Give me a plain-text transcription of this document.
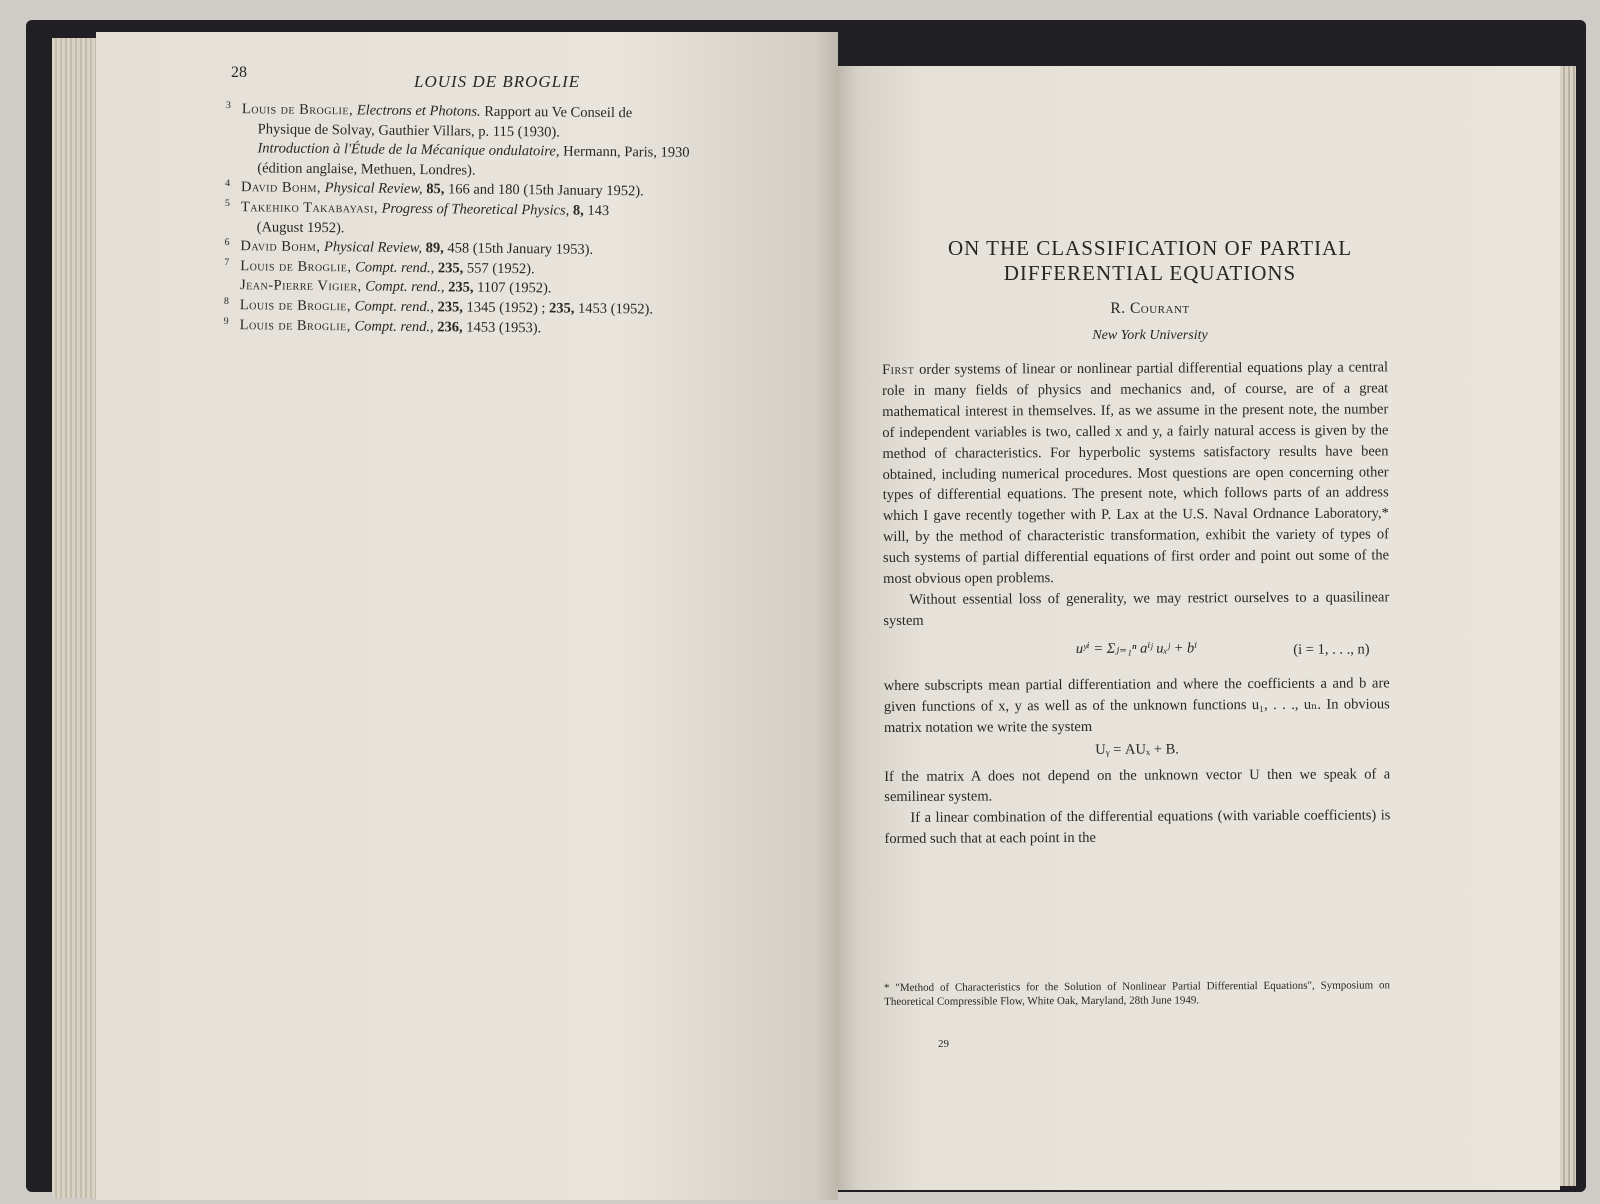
28	LOUIS DE BROGLIE
3 Louis de Broglie, Electrons et Photons. Rapport au Ve Conseil de
Physique de Solvay, Gauthier Villars, p. 115 (1930).
Introduction à l'Étude de la Mécanique ondulatoire, Hermann, Paris, 1930
(édition anglaise, Methuen, Londres).
4 David Bohm, Physical Review, 85, 166 and 180 (15th January 1952).
5 Takehiko Takabayasi, Progress of Theoretical Physics, 8, 143
(August 1952).
6 David Bohm, Physical Review, 89, 458 (15th January 1953).
7 Louis de Broglie, Compt. rend., 235, 557 (1952).
Jean-Pierre Vigier, Compt. rend., 235, 1107 (1952).
8 Louis de Broglie, Compt. rend., 235, 1345 (1952) ; 235, 1453 (1952).
9 Louis de Broglie, Compt. rend., 236, 1453 (1953).
ON THE CLASSIFICATION OF PARTIAL
DIFFERENTIAL EQUATIONS
R. Courant
New York University

First order systems of linear or nonlinear partial differential equations play a central role in many fields of physics and mechanics and, of course, are of a great mathematical interest in themselves. If, as we assume in the present note, the number of independent variables is two, called x and y, a fairly natural access is given by the method of characteristics. For hyperbolic systems satisfactory results have been obtained, including numerical procedures. Most questions are open concerning other types of differential equations. The present note, which follows parts of an address which I gave recently together with P. Lax at the U.S. Naval Ordnance Laboratory,* will, by the method of characteristic transformation, exhibit the variety of types of such systems of partial differential equations of first order and point out some of the most obvious open problems.

Without essential loss of generality, we may restrict ourselves to a quasilinear system

uʸⁱ = Σⱼ₌₁ⁿ aⁱʲ uₓʲ + bⁱ	(i = 1, . . ., n)

where subscripts mean partial differentiation and where the coefficients a and b are given functions of x, y as well as of the unknown functions u₁, . . ., uₙ. In obvious matrix notation we write the system

Uᵧ = AUₓ + B.

If the matrix A does not depend on the unknown vector U then we speak of a semilinear system.

If a linear combination of the differential equations (with variable coefficients) is formed such that at each point in the

* "Method of Characteristics for the Solution of Nonlinear Partial Differential Equations", Symposium on Theoretical Compressible Flow, White Oak, Maryland, 28th June 1949.
29
